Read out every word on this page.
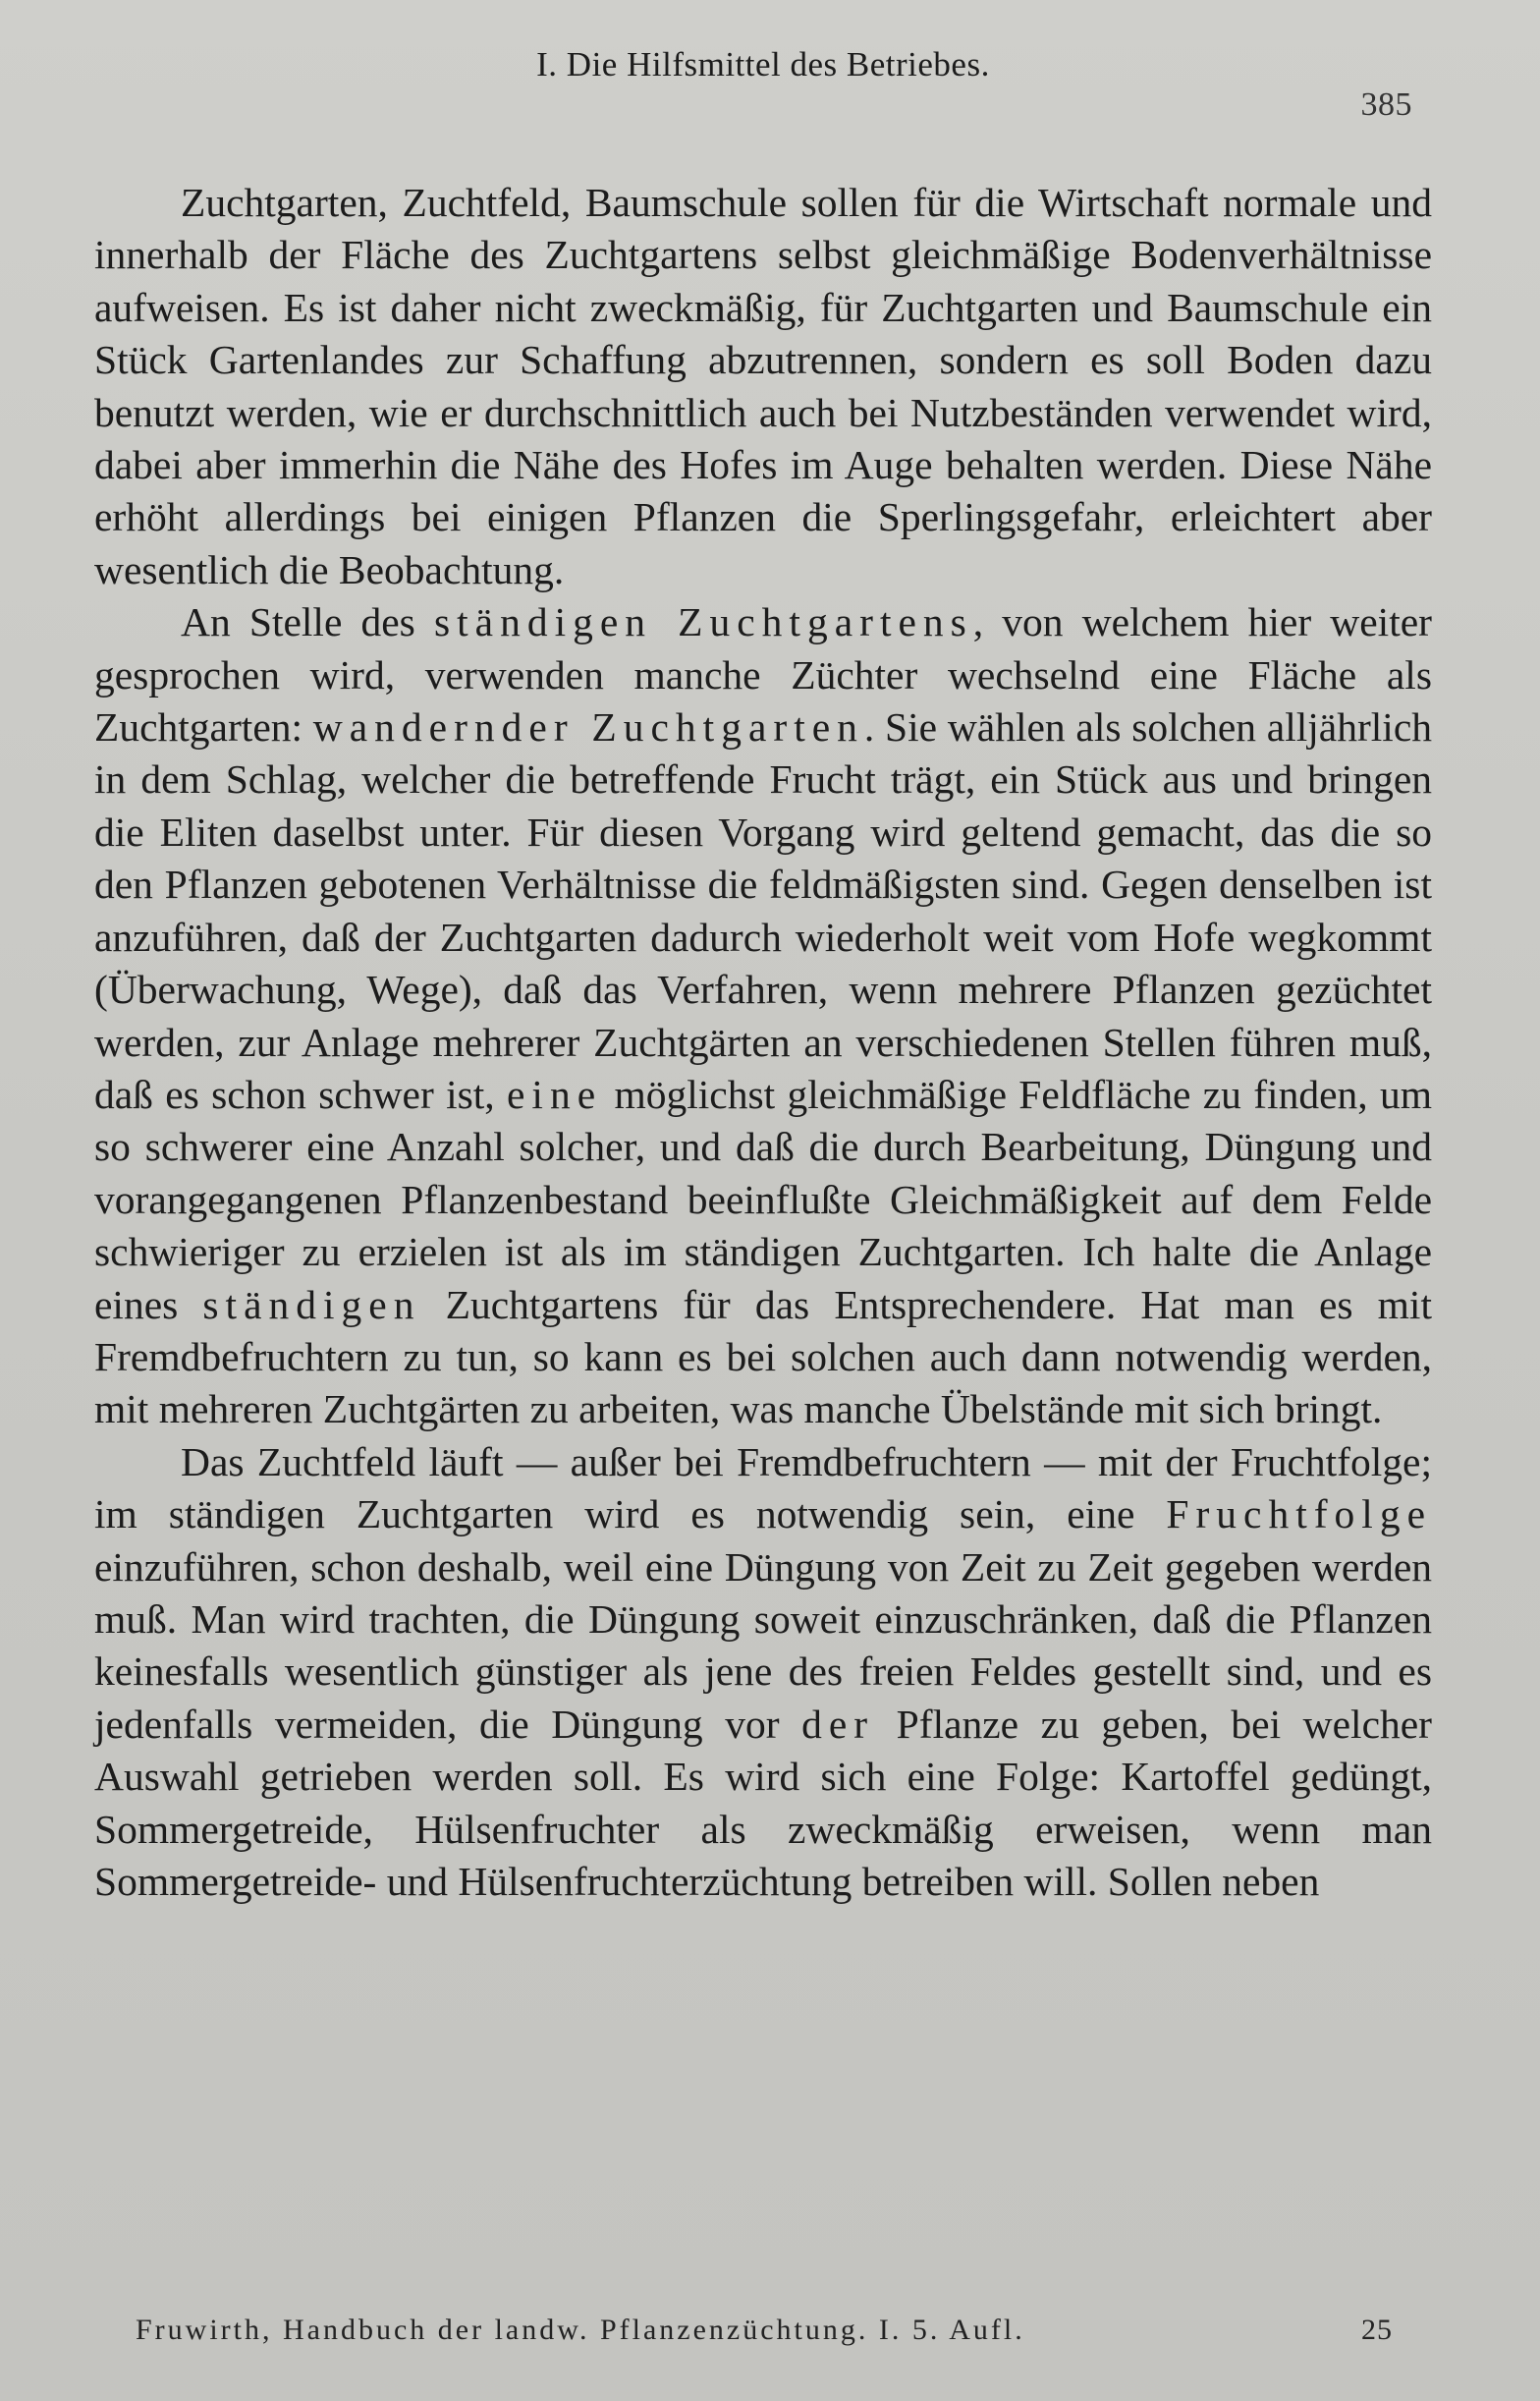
I. Die Hilfsmittel des Betriebes.
385

Zuchtgarten, Zuchtfeld, Baumschule sollen für die Wirtschaft normale und innerhalb der Fläche des Zuchtgartens selbst gleichmäßige Bodenverhältnisse aufweisen. Es ist daher nicht zweckmäßig, für Zuchtgarten und Baumschule ein Stück Gartenlandes zur Schaffung abzutrennen, sondern es soll Boden dazu benutzt werden, wie er durchschnittlich auch bei Nutzbeständen verwendet wird, dabei aber immerhin die Nähe des Hofes im Auge behalten werden. Diese Nähe erhöht allerdings bei einigen Pflanzen die Sperlingsgefahr, erleichtert aber wesentlich die Beobachtung.

An Stelle des ständigen Zuchtgartens, von welchem hier weiter gesprochen wird, verwenden manche Züchter wechselnd eine Fläche als Zuchtgarten: wandernder Zuchtgarten. Sie wählen als solchen alljährlich in dem Schlag, welcher die betreffende Frucht trägt, ein Stück aus und bringen die Eliten daselbst unter. Für diesen Vorgang wird geltend gemacht, das die so den Pflanzen gebotenen Verhältnisse die feldmäßigsten sind. Gegen denselben ist anzuführen, daß der Zuchtgarten dadurch wiederholt weit vom Hofe wegkommt (Überwachung, Wege), daß das Verfahren, wenn mehrere Pflanzen gezüchtet werden, zur Anlage mehrerer Zuchtgärten an verschiedenen Stellen führen muß, daß es schon schwer ist, eine möglichst gleichmäßige Feldfläche zu finden, um so schwerer eine Anzahl solcher, und daß die durch Bearbeitung, Düngung und vorangegangenen Pflanzenbestand beeinflußte Gleichmäßigkeit auf dem Felde schwieriger zu erzielen ist als im ständigen Zuchtgarten. Ich halte die Anlage eines ständigen Zuchtgartens für das Entsprechendere. Hat man es mit Fremdbefruchtern zu tun, so kann es bei solchen auch dann notwendig werden, mit mehreren Zuchtgärten zu arbeiten, was manche Übelstände mit sich bringt.

Das Zuchtfeld läuft — außer bei Fremdbefruchtern — mit der Fruchtfolge; im ständigen Zuchtgarten wird es notwendig sein, eine Fruchtfolge einzuführen, schon deshalb, weil eine Düngung von Zeit zu Zeit gegeben werden muß. Man wird trachten, die Düngung soweit einzuschränken, daß die Pflanzen keinesfalls wesentlich günstiger als jene des freien Feldes gestellt sind, und es jedenfalls vermeiden, die Düngung vor der Pflanze zu geben, bei welcher Auswahl getrieben werden soll. Es wird sich eine Folge: Kartoffel gedüngt, Sommergetreide, Hülsenfruchter als zweckmäßig erweisen, wenn man Sommergetreide- und Hülsenfruchterzüchtung betreiben will. Sollen neben

Fruwirth, Handbuch der landw. Pflanzenzüchtung. I. 5. Aufl.	25
